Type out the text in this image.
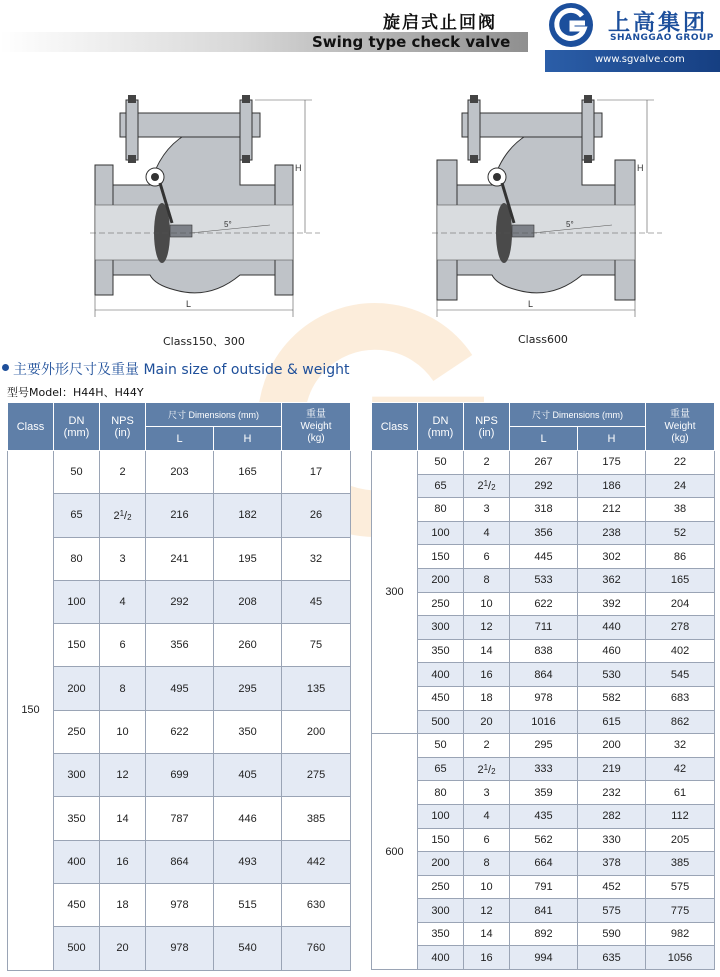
旋启式止回阀
Swing type check valve
上高集团
SHANGGAO GROUP
www.sgvalve.com
5°
H
L
Class150、300
5°
H
L
Class600
主要外形尺寸及重量 Main size of outside & weight
型号Model：H44H、H44Y
Class	DN
(mm)	NPS
(in)	尺寸 Dimensions (mm)		重量
Weight
(kg)
			L	H	
150	50	2	203	165	17
	65	$2^1/_2$	216	182	26
	80	3	241	195	32
	100	4	292	208	45
	150	6	356	260	75
	200	8	495	295	135
	250	10	622	350	200
	300	12	699	405	275
	350	14	787	446	385
	400	16	864	493	442
	450	18	978	515	630
	500	20	978	540	760
Class	DN
(mm)	NPS
(in)	尺寸 Dimensions (mm)		重量
Weight
(kg)
			L	H	
300	50	2	267	175	22
	65	$2^1/_2$	292	186	24
	80	3	318	212	38
	100	4	356	238	52
	150	6	445	302	86
	200	8	533	362	165
	250	10	622	392	204
	300	12	711	440	278
	350	14	838	460	402
	400	16	864	530	545
	450	18	978	582	683
	500	20	1016	615	862
600	50	2	295	200	32
	65	$2^1/_2$	333	219	42
	80	3	359	232	61
	100	4	435	282	112
	150	6	562	330	205
	200	8	664	378	385
	250	10	791	452	575
	300	12	841	575	775
	350	14	892	590	982
	400	16	994	635	1056
